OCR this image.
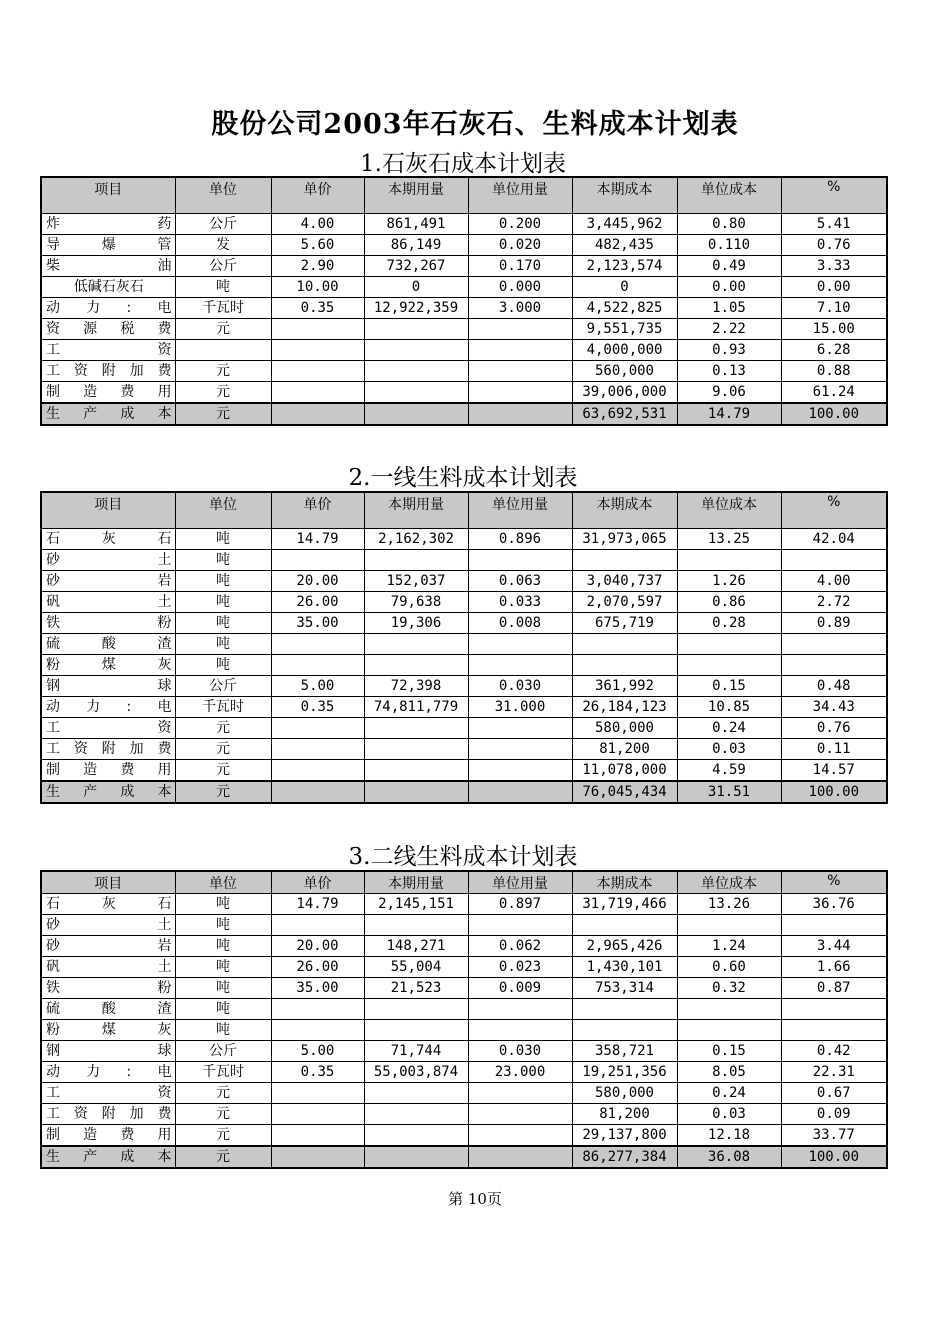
股份公司2003年石灰石、生料成本计划表
1.石灰石成本计划表
项目	单位	单价	本期用量	单位用量	本期成本	单位成本	%
炸药	公斤	4.00	861,491	0.200	3,445,962	0.80	5.41
导爆管	发	5.60	86,149	0.020	482,435	0.110	0.76
柴油	公斤	2.90	732,267	0.170	2,123,574	0.49	3.33
低碱石灰石	吨	10.00	0	0.000	0	0.00	0.00
动力:电	千瓦时	0.35	12,922,359	3.000	4,522,825	1.05	7.10
资源税费	元				9,551,735	2.22	15.00
工资					4,000,000	0.93	6.28
工资附加费	元				560,000	0.13	0.88
制造费用	元				39,006,000	9.06	61.24
生产成本	元				63,692,531	14.79	100.00
2.一线生料成本计划表
项目	单位	单价	本期用量	单位用量	本期成本	单位成本	%
石灰石	吨	14.79	2,162,302	0.896	31,973,065	13.25	42.04
砂土	吨						
砂岩	吨	20.00	152,037	0.063	3,040,737	1.26	4.00
矾土	吨	26.00	79,638	0.033	2,070,597	0.86	2.72
铁粉	吨	35.00	19,306	0.008	675,719	0.28	0.89
硫酸渣	吨						
粉煤灰	吨						
钢球	公斤	5.00	72,398	0.030	361,992	0.15	0.48
动力:电	千瓦时	0.35	74,811,779	31.000	26,184,123	10.85	34.43
工资	元				580,000	0.24	0.76
工资附加费	元				81,200	0.03	0.11
制造费用	元				11,078,000	4.59	14.57
生产成本	元				76,045,434	31.51	100.00
3.二线生料成本计划表
项目	单位	单价	本期用量	单位用量	本期成本	单位成本	%
石灰石	吨	14.79	2,145,151	0.897	31,719,466	13.26	36.76
砂土	吨						
砂岩	吨	20.00	148,271	0.062	2,965,426	1.24	3.44
矾土	吨	26.00	55,004	0.023	1,430,101	0.60	1.66
铁粉	吨	35.00	21,523	0.009	753,314	0.32	0.87
硫酸渣	吨						
粉煤灰	吨						
钢球	公斤	5.00	71,744	0.030	358,721	0.15	0.42
动力:电	千瓦时	0.35	55,003,874	23.000	19,251,356	8.05	22.31
工资	元				580,000	0.24	0.67
工资附加费	元				81,200	0.03	0.09
制造费用	元				29,137,800	12.18	33.77
生产成本	元				86,277,384	36.08	100.00
第 10页
